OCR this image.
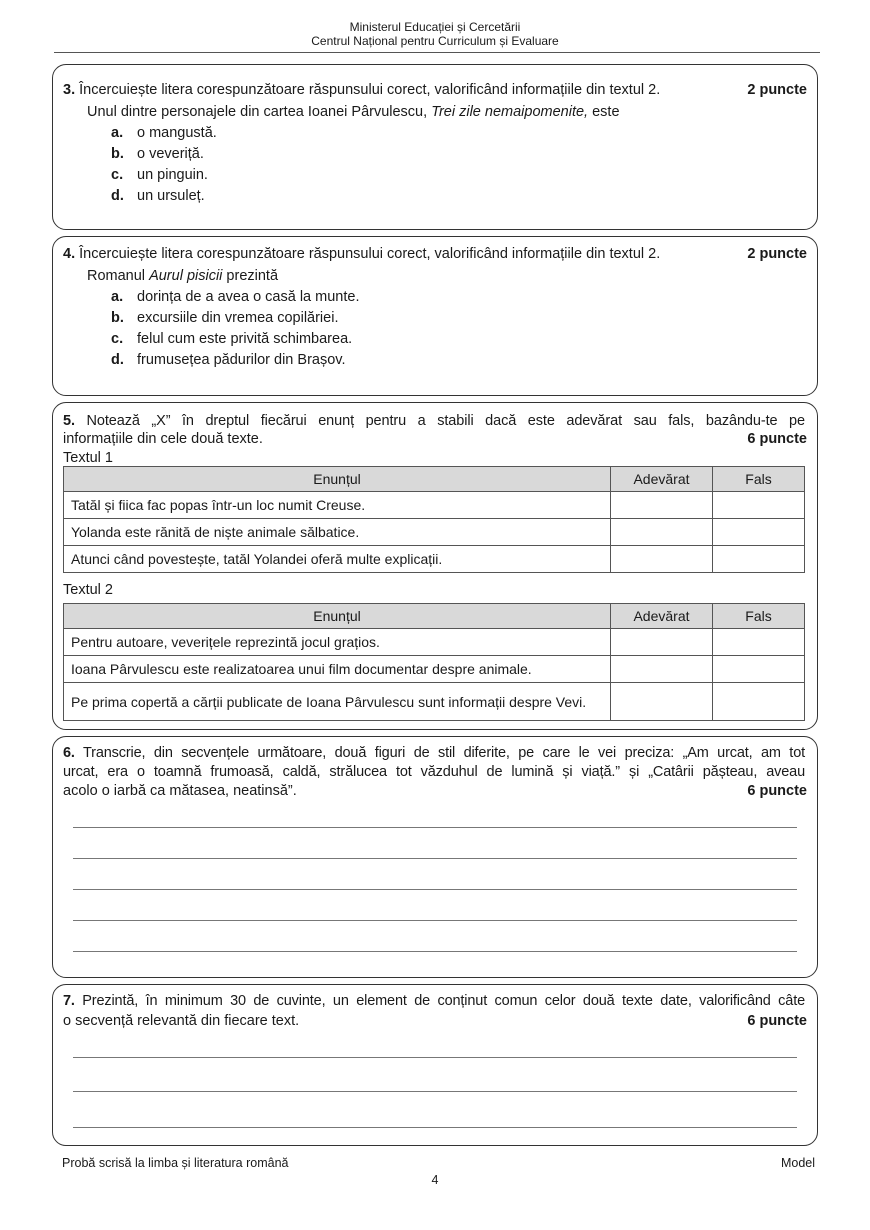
Ministerul Educației și Cercetării
Centrul Național pentru Curriculum și Evaluare
3. Încercuiește litera corespunzătoare răspunsului corect, valorificând informațiile din textul 2.	2 puncte
Unul dintre personajele din cartea Ioanei Pârvulescu, Trei zile nemaipomenite, este
a. o mangustă.
b. o veveriță.
c. un pinguin.
d. un ursuleț.
4. Încercuiește litera corespunzătoare răspunsului corect, valorificând informațiile din textul 2.	2 puncte
Romanul Aurul pisicii prezintă
a. dorința de a avea o casă la munte.
b. excursiile din vremea copilăriei.
c. felul cum este privită schimbarea.
d. frumusețea pădurilor din Brașov.
5. Notează „X” în dreptul fiecărui enunț pentru a stabili dacă este adevărat sau fals, bazându-te pe
informațiile din cele două texte.	6 puncte
Textul 1
Enunțul	Adevărat	Fals
Tatăl și fiica fac popas într-un loc numit Creuse.		
Yolanda este rănită de niște animale sălbatice.		
Atunci când povestește, tatăl Yolandei oferă multe explicații.		
Textul 2
Enunțul	Adevărat	Fals
Pentru autoare, veverițele reprezintă jocul grațios.		
Ioana Pârvulescu este realizatoarea unui film documentar despre animale.		
Pe prima copertă a cărții publicate de Ioana Pârvulescu sunt informații despre Vevi.		
6. Transcrie, din secvențele următoare, două figuri de stil diferite, pe care le vei preciza: „Am urcat, am tot
urcat, era o toamnă frumoasă, caldă, strălucea tot văzduhul de lumină și viață.” și „Catârii pășteau, aveau
acolo o iarbă ca mătasea, neatinsă”.	6 puncte
7. Prezintă, în minimum 30 de cuvinte, un element de conținut comun celor două texte date, valorificând câte
o secvență relevantă din fiecare text.	6 puncte
Probă scrisă la limba și literatura română	Model
4
